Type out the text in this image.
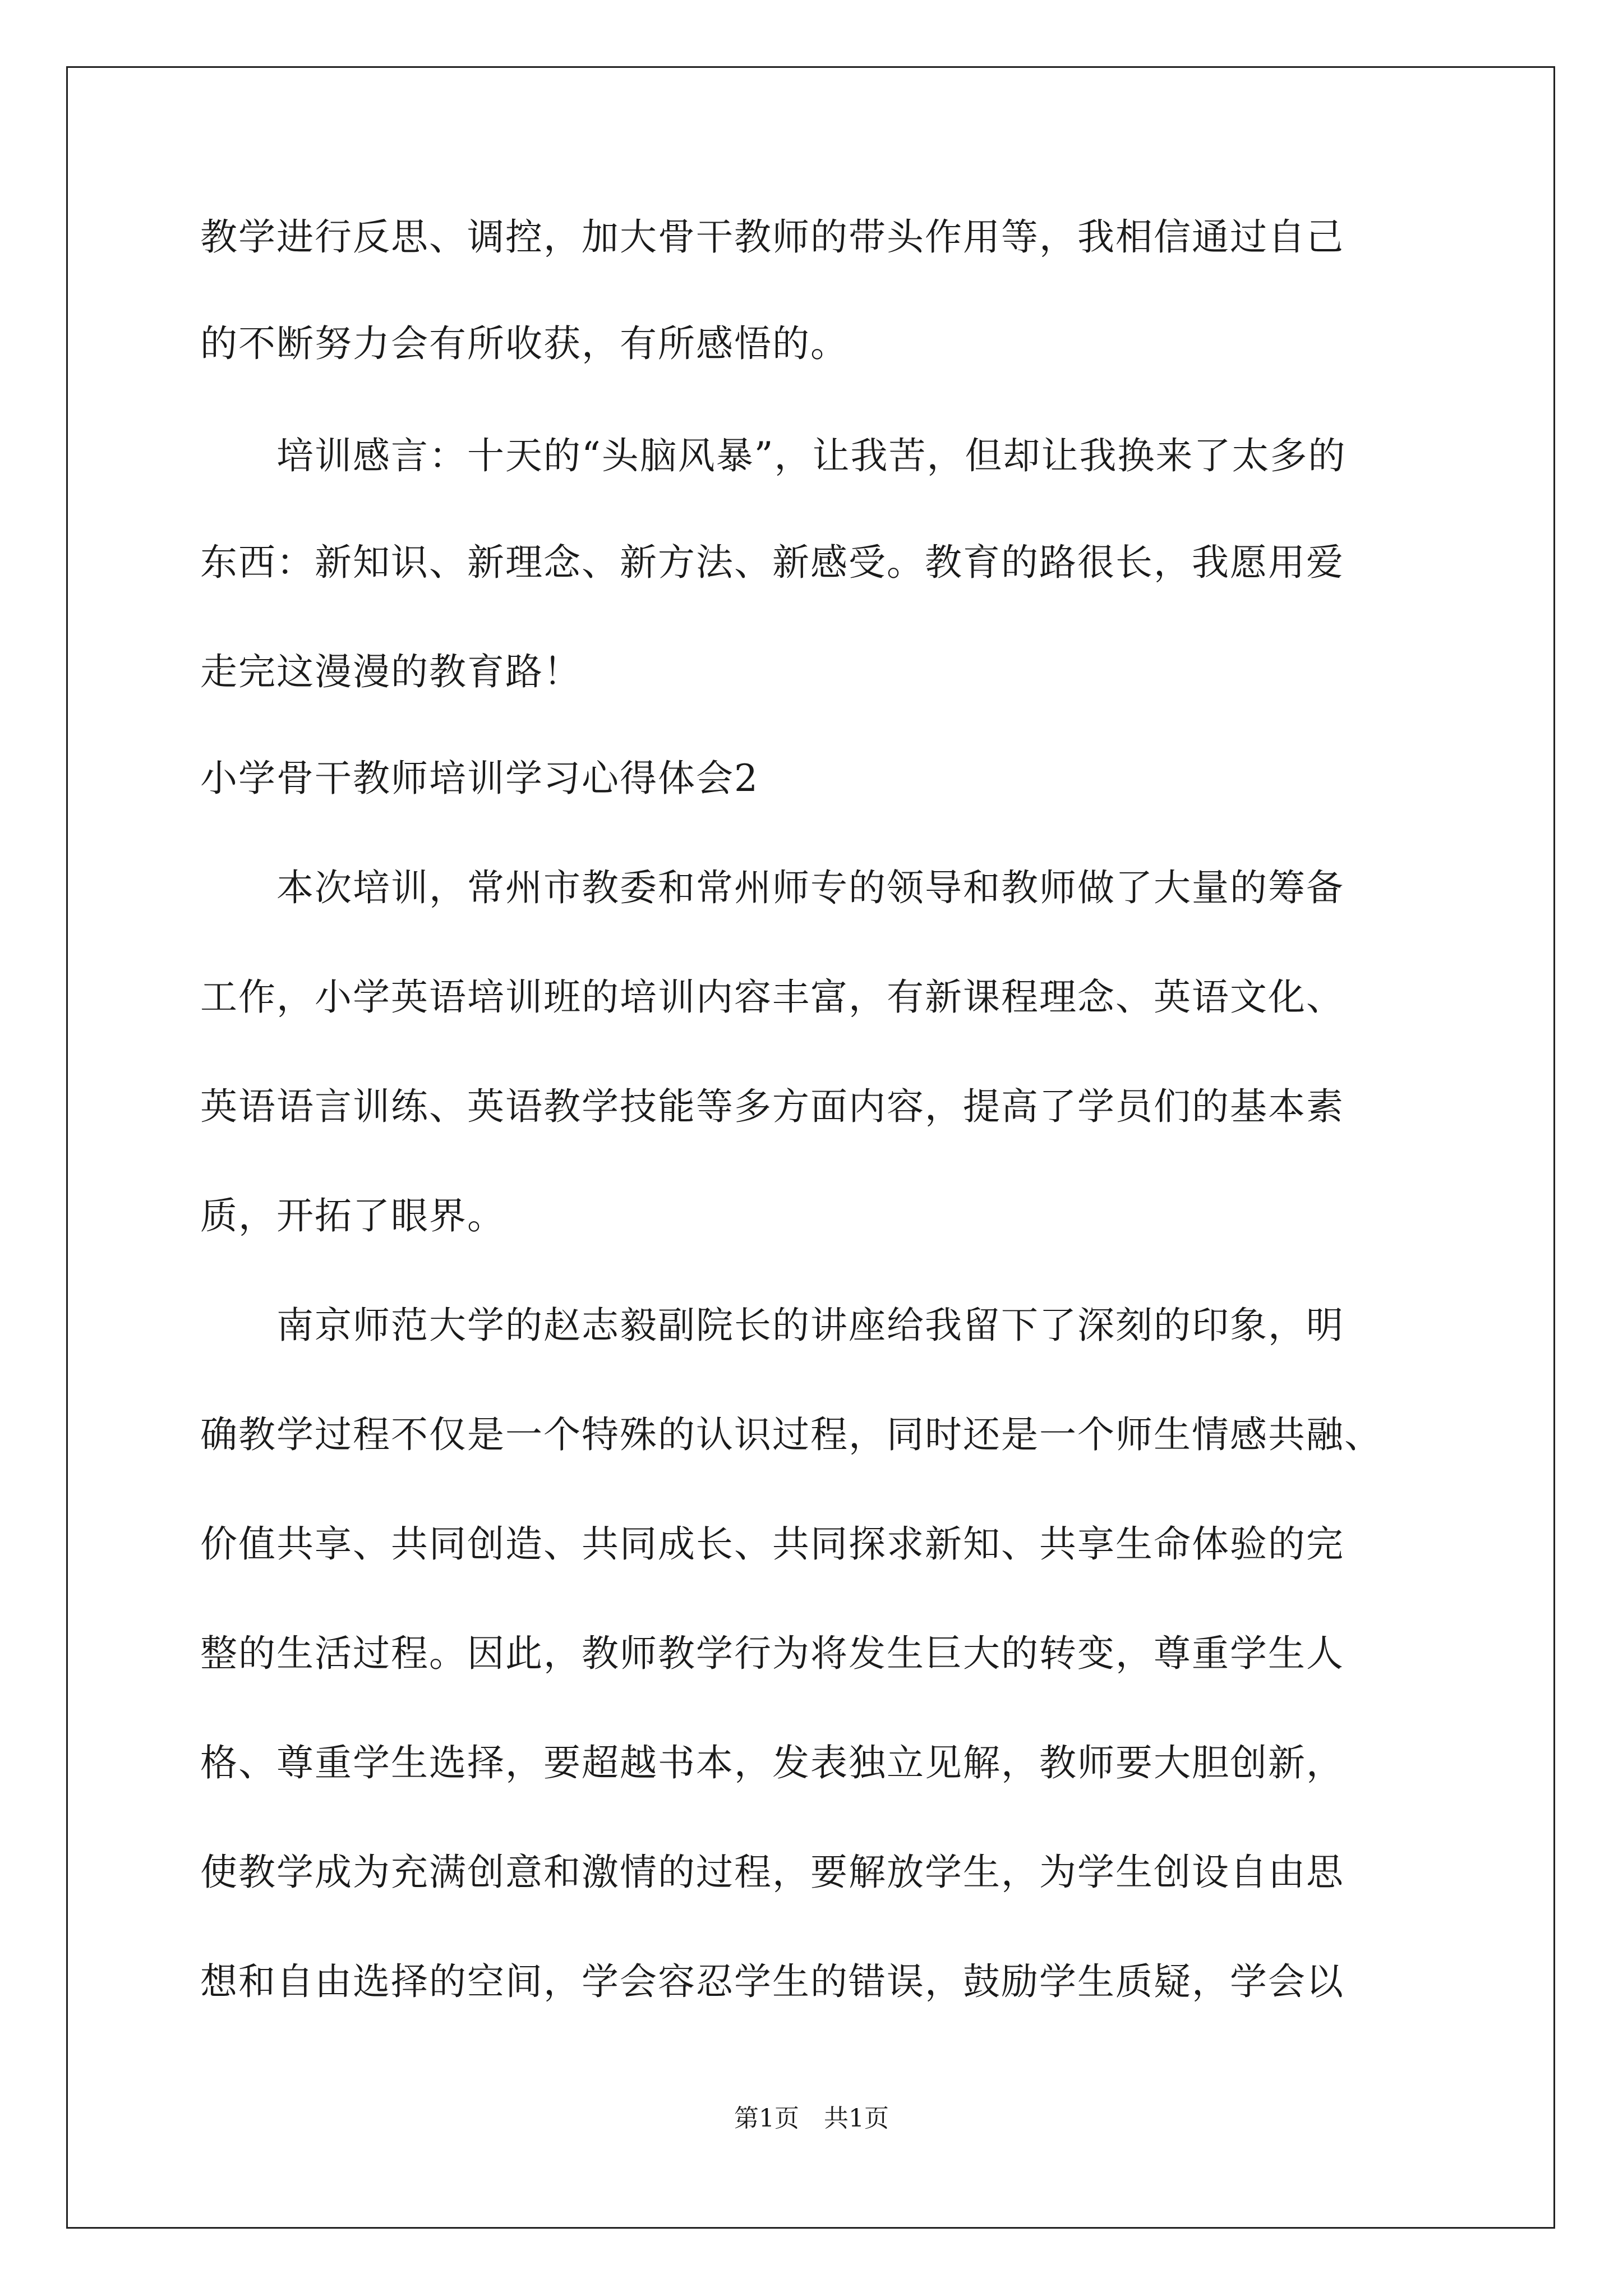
教学进行反思、调控，加大骨干教师的带头作用等，我相信通过自己

的不断努力会有所收获，有所感悟的。

　　培训感言：十天的“头脑风暴”，让我苦，但却让我换来了太多的

东西：新知识、新理念、新方法、新感受。教育的路很长，我愿用爱

走完这漫漫的教育路！

小学骨干教师培训学习心得体会2

　　本次培训，常州市教委和常州师专的领导和教师做了大量的筹备

工作，小学英语培训班的培训内容丰富，有新课程理念、英语文化、

英语语言训练、英语教学技能等多方面内容，提高了学员们的基本素

质，开拓了眼界。

　　南京师范大学的赵志毅副院长的讲座给我留下了深刻的印象，明

确教学过程不仅是一个特殊的认识过程，同时还是一个师生情感共融、

价值共享、共同创造、共同成长、共同探求新知、共享生命体验的完

整的生活过程。因此，教师教学行为将发生巨大的转变，尊重学生人

格、尊重学生选择，要超越书本，发表独立见解，教师要大胆创新，

使教学成为充满创意和激情的过程，要解放学生，为学生创设自由思

想和自由选择的空间，学会容忍学生的错误，鼓励学生质疑，学会以

第1页　共1页
